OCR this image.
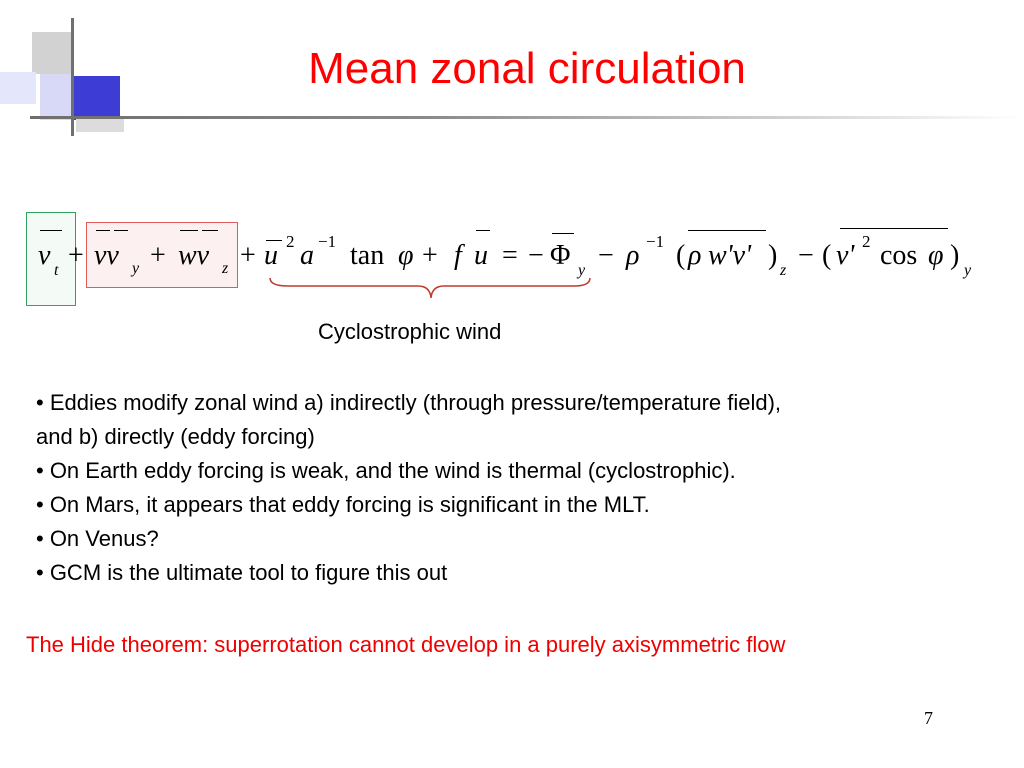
Mean zonal circulation
v t + vv y + wv z + u 2 a −1 tan φ + f u = − Φ y − ρ −1 ( ρ w'v' ) z − ( v' 2 cos φ ) y
Cyclostrophic wind
• Eddies modify zonal wind a) indirectly (through pressure/temperature field),
and b) directly (eddy forcing)
• On Earth eddy forcing is weak, and the wind is thermal (cyclostrophic).
• On Mars, it appears that eddy forcing is significant in the MLT.
• On Venus?
• GCM is the ultimate tool to figure this out
The Hide theorem: superrotation cannot develop in a purely axisymmetric flow
7
